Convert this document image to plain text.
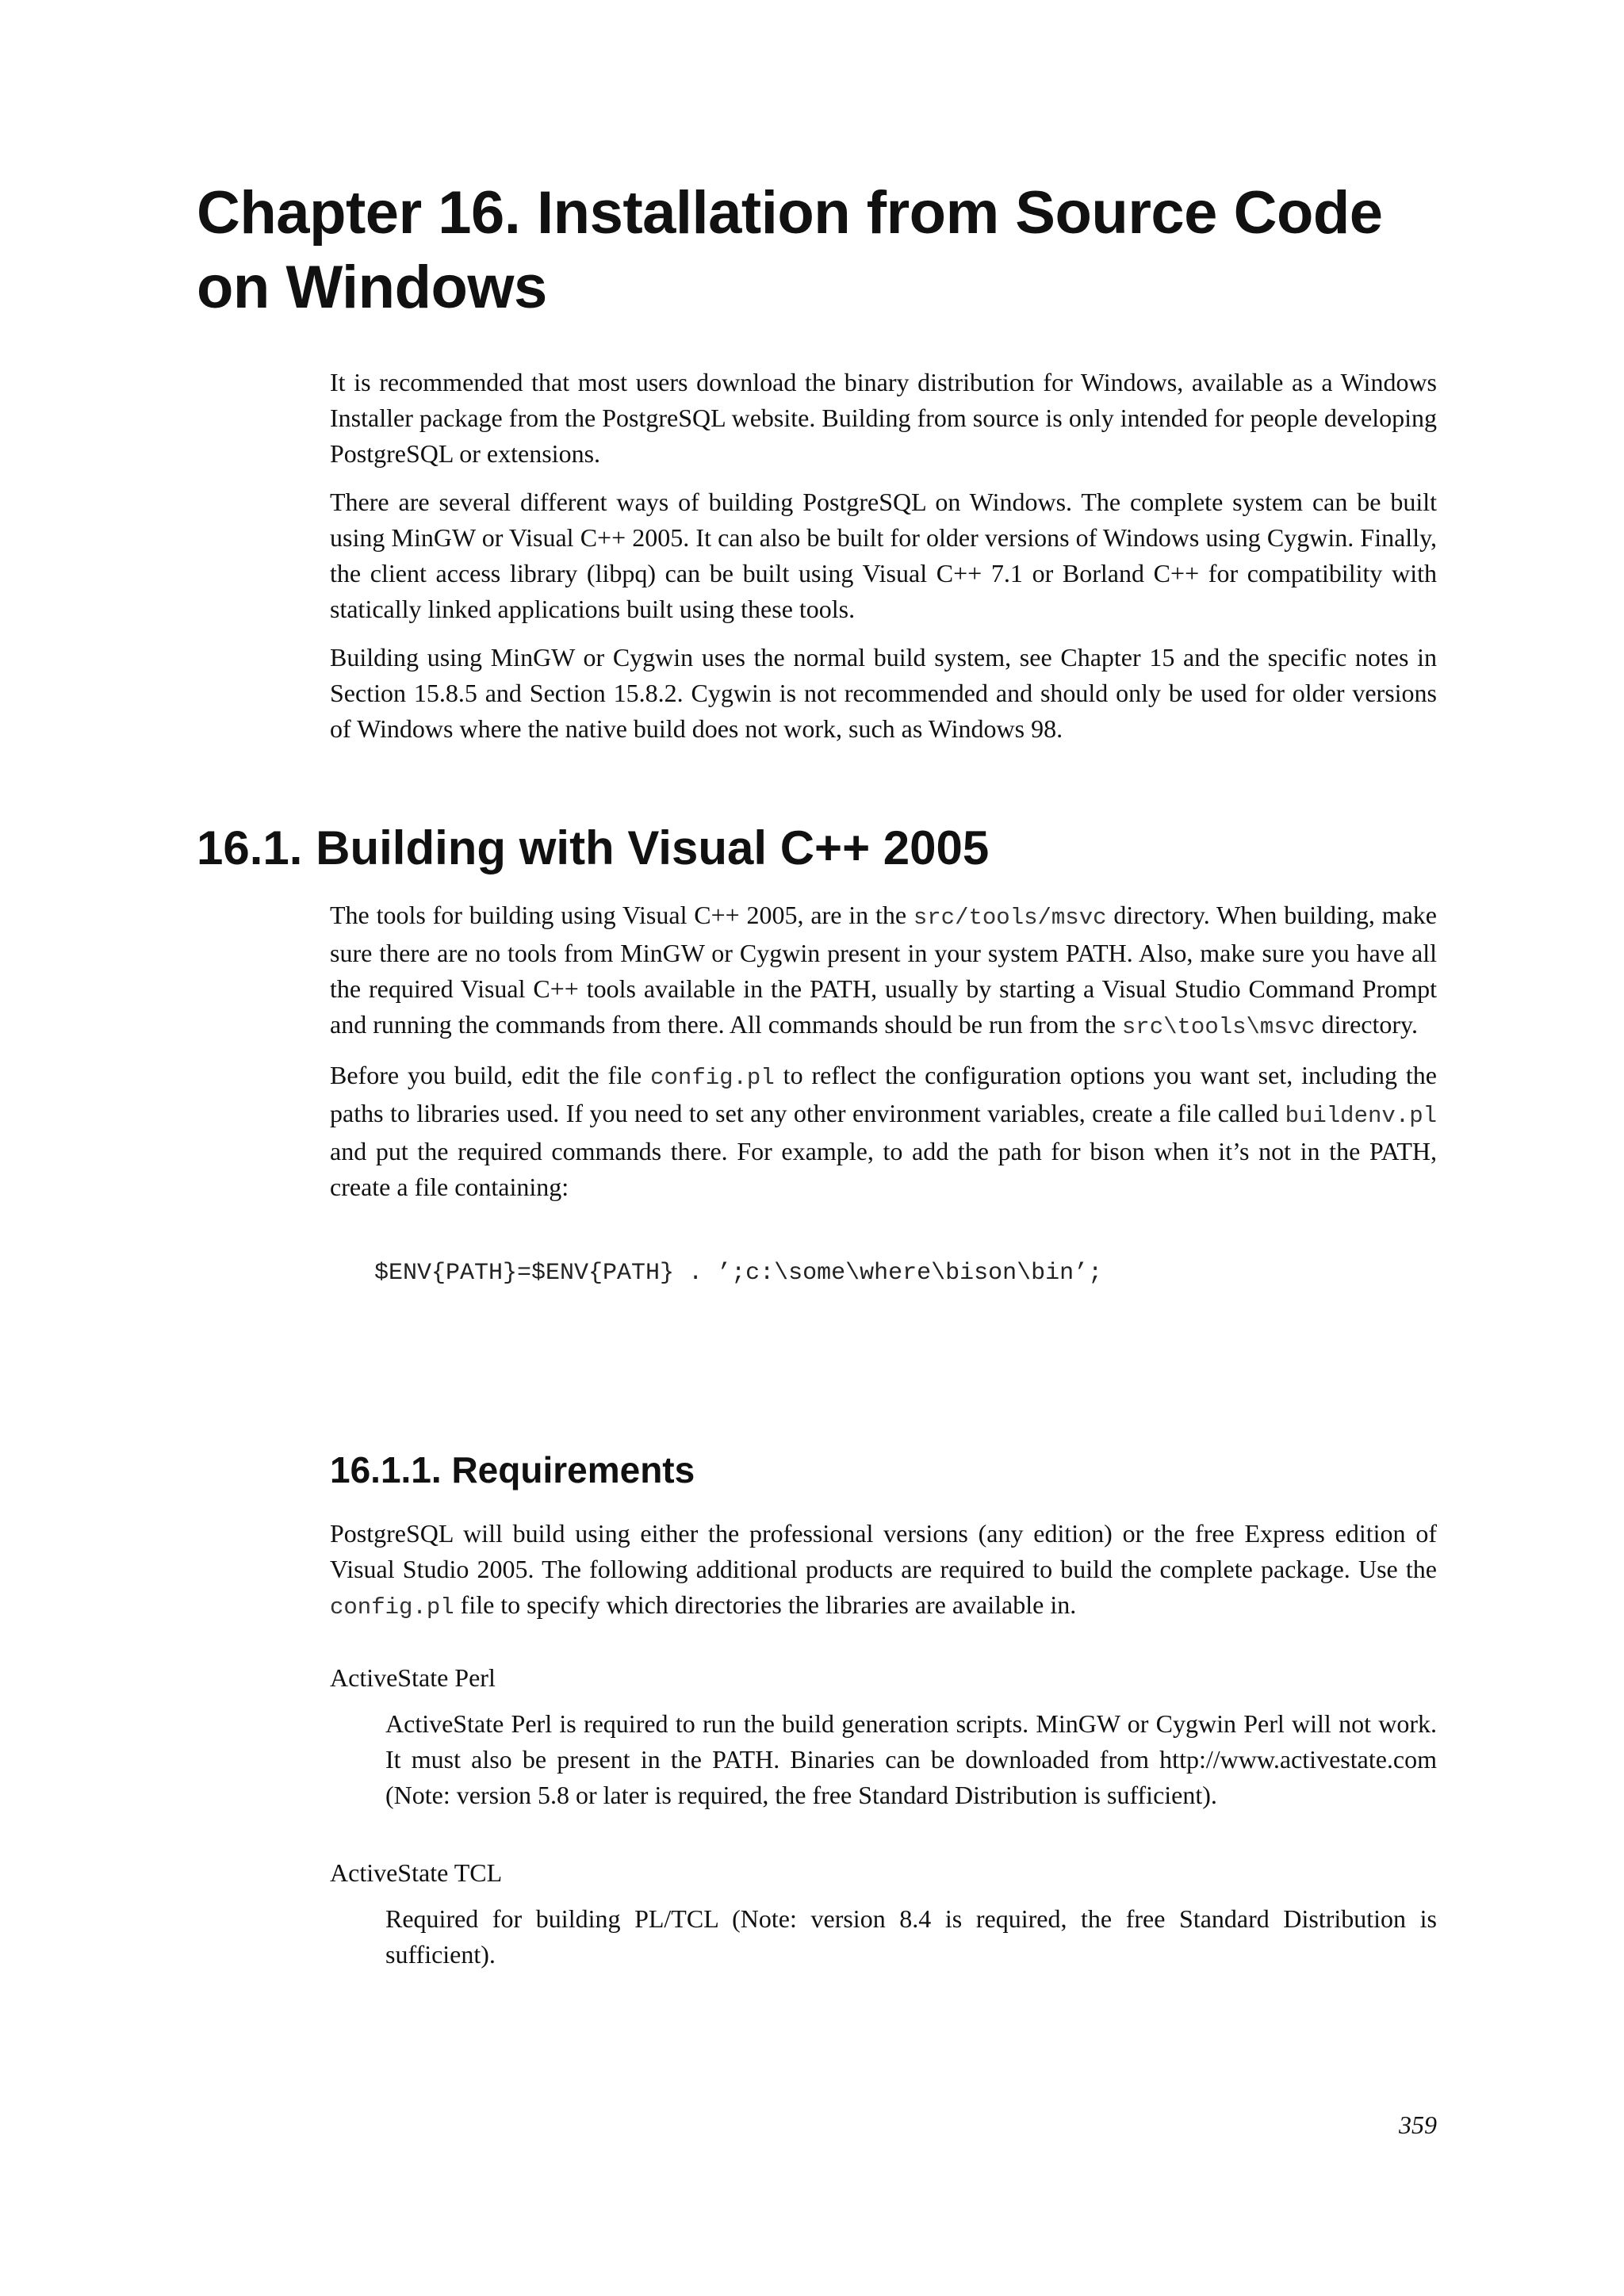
Chapter 16. Installation from Source Code on Windows

It is recommended that most users download the binary distribution for Windows, available as a Windows Installer package from the PostgreSQL website. Building from source is only intended for people developing PostgreSQL or extensions.

There are several different ways of building PostgreSQL on Windows. The complete system can be built using MinGW or Visual C++ 2005. It can also be built for older versions of Windows using Cygwin. Finally, the client access library (libpq) can be built using Visual C++ 7.1 or Borland C++ for compatibility with statically linked applications built using these tools.

Building using MinGW or Cygwin uses the normal build system, see Chapter 15 and the specific notes in Section 15.8.5 and Section 15.8.2. Cygwin is not recommended and should only be used for older versions of Windows where the native build does not work, such as Windows 98.

16.1. Building with Visual C++ 2005

The tools for building using Visual C++ 2005, are in the src/tools/msvc directory. When building, make sure there are no tools from MinGW or Cygwin present in your system PATH. Also, make sure you have all the required Visual C++ tools available in the PATH, usually by starting a Visual Studio Command Prompt and running the commands from there. All commands should be run from the src\tools\msvc directory.

Before you build, edit the file config.pl to reflect the configuration options you want set, including the paths to libraries used. If you need to set any other environment variables, create a file called buildenv.pl and put the required commands there. For example, to add the path for bison when it’s not in the PATH, create a file containing:

$ENV{PATH}=$ENV{PATH} . ’;c:\some\where\bison\bin’;
16.1.1. Requirements

PostgreSQL will build using either the professional versions (any edition) or the free Express edition of Visual Studio 2005. The following additional products are required to build the complete package. Use the config.pl file to specify which directories the libraries are available in.

ActiveState Perl
ActiveState Perl is required to run the build generation scripts. MinGW or Cygwin Perl will not work. It must also be present in the PATH. Binaries can be downloaded from http://www.activestate.com (Note: version 5.8 or later is required, the free Standard Distribution is sufficient).
ActiveState TCL
Required for building PL/TCL (Note: version 8.4 is required, the free Standard Distribution is sufficient).
359
